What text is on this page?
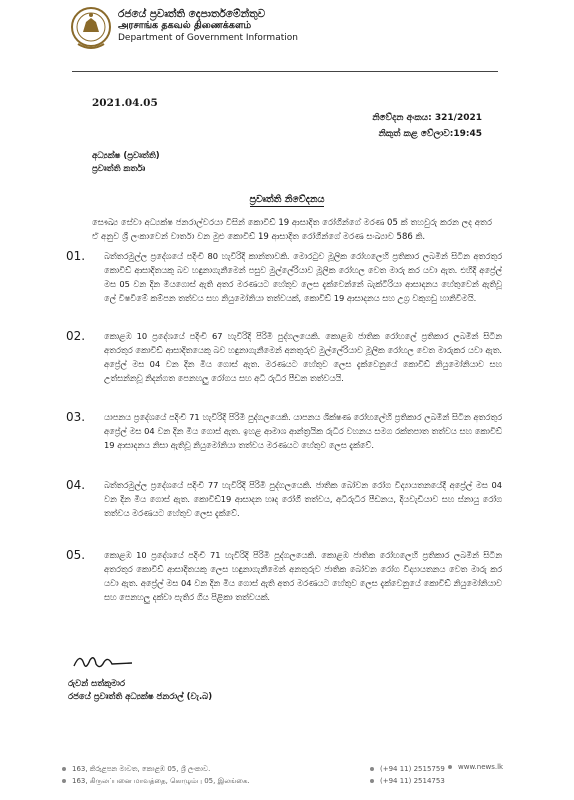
රජයේ ප්‍රවෘත්ති දෙපාර්තමේන්තුව
அரசாங்க தகவல் திணைக்களம்
Department of Government Information
2021.04.05
නිවේදන අංකය: 321/2021
නිකුත් කළ වේලාව:19:45
අධ්‍යක්ෂ (ප්‍රවෘත්ති)
ප්‍රවෘත්ති කර්තෘ
ප්‍රවෘත්ති නිවේදනය
සෞඛ්‍ය සේවා අධ්‍යක්ෂ ජනරාල්වරයා විසින් කොවිඩ් 19 ආසාදිත රෝගීන්ගේ මරණ 05 ක් තහවුරු කරන ලද අතර ඒ අනුව ශ්‍රී ලංකාවෙන් වාර්තා වන මුළු කොවිඩ් 19 ආසාදිත රෝගීන්ගේ මරණ සංඛ්‍යාව 586 කි.
01. බත්තරමුල්ල ප්‍රදේශයේ පදිංචි 80 හැවිරිදි කාන්තාවකි. මොරටුව මූලික රෝහලෙහි ප්‍රතිකාර ලබමින් සිටින අතරතුර කොවිඩ් ආසාදිතයකු බව හඳුනාගැනීමෙන් පසුව මුල්ලේරියාව මූලික රෝහල වෙත මාරු කර යවා ඇත. එහිදී අප්‍රේල් මස 05 වන දින මියගොස් ඇති අතර මරණයට හේතුව ලෙස දැක්වෙන්නේ බැක්ටීරියා ආසාදනය හේතුවෙන් ඇතිවූ ලේ විෂවීමේ කම්පන තත්වය සහ නියුමෝනියා තත්වයක්, කොවිඩ් 19 ආසාදනය සහ උග්‍ර වකුගඩු හානිවීමයි.
02. කොළඹ 10 ප්‍රදේශයේ පදිංචි 67 හැවිරිදි පිරිමි පුද්ගලයෙකි. කොළඹ ජාතික රෝහලේ ප්‍රතිකාර ලබමින් සිටින අතරතුර කොවිඩ් ආසාදිතයෙකු බව හඳුනාගැනීමෙන් අනතුරුව මුල්ලේරියාව මූලික රෝහල වෙත මාරුකර යවා ඇත. අප්‍රේල් මස 04 වන දින මිය ගොස් ඇත. මරණයට හේතුව ලෙස දැක්වෙනුයේ කොවිඩ් නියුමෝනියාව සහ උත්සන්නවූ නිදන්ගත පෙනහලු රෝගය සහ අධි රුධිර පීඩන තත්වයයි.
03. යාපනය ප්‍රදේශයේ පදිංචි 71 හැවිරිදි පිරිමි පුද්ගලයෙකි. යාපනය ශික්ෂණ රෝහලේහි ප්‍රතිකාර ලබමින් සිටින අතරතුර අප්‍රේල් මස 04 වන දින මිය ගොස් ඇත. ඉහළ ආමාශ ආන්ත්‍රයික රුධිර වහනය සමග රක්තපාත තත්වය සහ කොවිඩ් 19 ආසාදනය නිසා ඇතිවූ නියුමෝනියා තත්වය මරණයට හේතුව ලෙස දැක්වේ.
04. බත්තරමුල්ල ප්‍රදේශයේ පදිංචි 77 හැවිරිදි පිරිමි පුද්ගලයෙකි. ජාතික බෝවන රෝග විද්‍යායතනයේදී අප්‍රේල් මස 04 වන දින මිය ගොස් ඇත. කොවිඩ්19 ආසාදන හෘද රෝගී තත්වය, අධිරුධිර පීඩනය, දියවැඩියාව සහ ස්නායු රෝග තත්වය මරණයට හේතුව ලෙස දැක්වේ.
05. කොළඹ 10 ප්‍රදේශයේ පදිංචි 71 හැවිරිදි පිරිමි පුද්ගලයෙකි. කොළඹ ජාතික රෝහලෙහි ප්‍රතිකාර ලබමින් සිටින අතරතුර කොවිඩ් ආසාදිතයකු ලෙස හඳුනාගැනීමෙන් අනතුරුව ජාතික බෝවන රෝග විද්‍යායතනය වෙත මාරු කර යවා ඇත. අප්‍රේල් මස 04 වන දින මිය ගොස් ඇති අතර මරණයට හේතුව ලෙස දැක්වෙනුයේ කොවිඩ් නියුමෝනියාව සහ පෙනහලු දක්වා පැතිර ගිය පිළිකා තත්වයක්.
රුවන් සත්කුමාර
රජයේ ප්‍රවෘත්ති අධ්‍යක්ෂ ජනරාල් (වැ.බ)
163, කිරුළපන මාවත, කොළඹ 05, ශ්‍රී ලංකාව.
163, கிருலப்பனை மாவத்தை, கொழும்பு 05, இலங்கை.
(+94 11) 2515759
(+94 11) 2514753
www.news.lk
